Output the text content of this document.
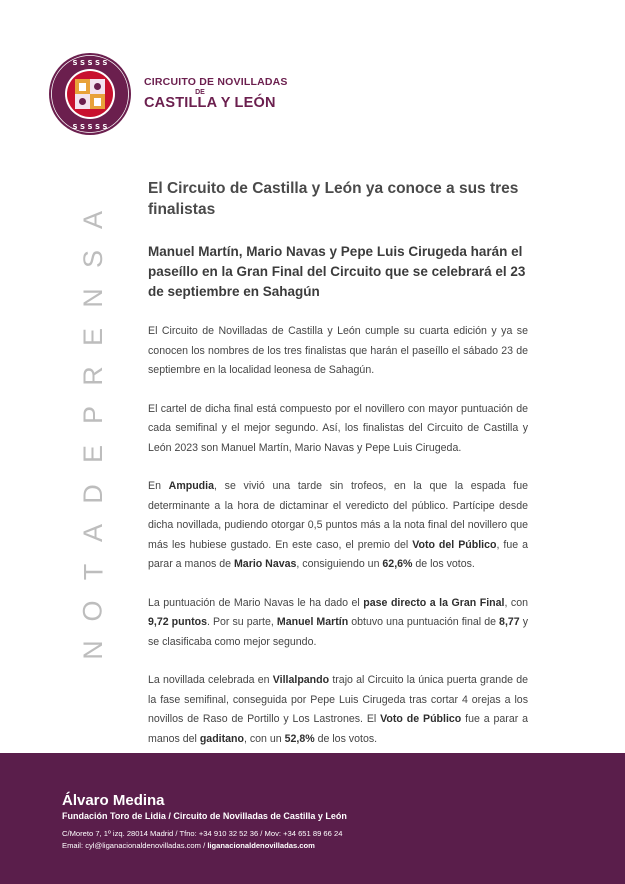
S S S S S
S S S S S
CIRCUITO DE NOVILLADAS
DE
CASTILLA Y LEÓN
A
S
N
E
R
P
E
D
A
T
O
N
El Circuito de Castilla y León ya conoce a sus tres finalistas
Manuel Martín, Mario Navas y Pepe Luis Cirugeda harán el paseíllo en la Gran Final del Circuito que se celebrará el 23 de septiembre en Sahagún

El Circuito de Novilladas de Castilla y León cumple su cuarta edición y ya se conocen los nombres de los tres finalistas que harán el paseíllo el sábado 23 de septiembre en la localidad leonesa de Sahagún.

El cartel de dicha final está compuesto por el novillero con mayor puntuación de cada semifinal y el mejor segundo. Así, los finalistas del Circuito de Castilla y León 2023 son Manuel Martín, Mario Navas y Pepe Luis Cirugeda.

En Ampudia, se vivió una tarde sin trofeos, en la que la espada fue determinante a la hora de dictaminar el veredicto del público. Partícipe desde dicha novillada, pudiendo otorgar 0,5 puntos más a la nota final del novillero que más les hubiese gustado. En este caso, el premio del Voto del Público, fue a parar a manos de Mario Navas, consiguiendo un 62,6% de los votos.

La puntuación de Mario Navas le ha dado el pase directo a la Gran Final, con 9,72 puntos. Por su parte, Manuel Martín obtuvo una puntuación final de 8,77 y se clasificaba como mejor segundo.

La novillada celebrada en Villalpando trajo al Circuito la única puerta grande de la fase semifinal, conseguida por Pepe Luis Cirugeda tras cortar 4 orejas a los novillos de Raso de Portillo y Los Lastrones. El Voto de Público fue a parar a manos del gaditano, con un 52,8% de los votos.

Álvaro Medina
Fundación Toro de Lidia / Circuito de Novilladas de Castilla y León
C/Moreto 7, 1º izq. 28014 Madrid / Tfno: +34 910 32 52 36 / Mov: +34 651 89 66 24
Email: cyl@liganacionaldenovilladas.com / liganacionaldenovilladas.com
